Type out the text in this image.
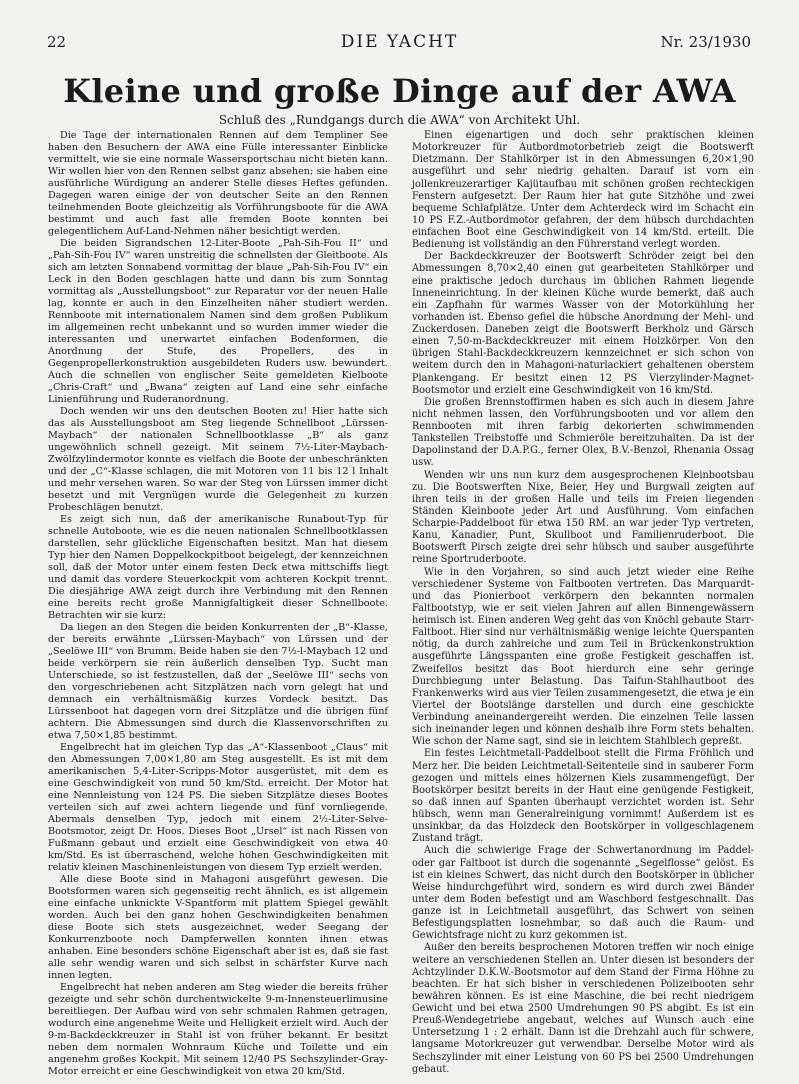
22	DIE YACHT	Nr. 23/1930
Kleine und große Dinge auf der AWA
Schluß des „Rundgangs durch die AWA“ von Architekt Uhl.

Die Tage der internationalen Rennen auf dem Templiner See haben den Besuchern der AWA eine Fülle interessanter Einblicke vermittelt, wie sie eine normale Wassersportschau nicht bieten kann. Wir wollen hier von den Rennen selbst ganz absehen; sie haben eine ausführliche Würdigung an anderer Stelle dieses Heftes gefunden. Dagegen waren einige der von deutscher Seite an den Rennen teilnehmenden Boote gleichzeitig als Vorführungsboote für die AWA bestimmt und auch fast alle fremden Boote konnten bei gelegentlichem Auf-Land-Nehmen näher besichtigt werden.

Die beiden Sigrandschen 12-Liter-Boote „Pah-Sih-Fou II“ und „Pah-Sih-Fou IV“ waren unstreitig die schnellsten der Gleitboote. Als sich am letzten Sonnabend vormittag der blaue „Pah-Sih-Fou IV“ ein Leck in den Boden geschlagen hatte und dann bis zum Sonntag vormittag als „Ausstellungsboot“ zur Reparatur vor der neuen Halle lag, konnte er auch in den Einzelheiten näher studiert werden. Rennboote mit internationalem Namen sind dem großen Publikum im allgemeinen recht unbekannt und so wurden immer wieder die interessanten und unerwartet einfachen Bodenformen, die Anordnung der Stufe, des Propellers, des in Gegenpropellerkonstruktion ausgebildeten Ruders usw. bewundert. Auch die schnellen von englischer Seite gemeldeten Kielboote „Chris-Craft“ und „Bwana“ zeigten auf Land eine sehr einfache Linienführung und Ruderanordnung.

Doch wenden wir uns den deutschen Booten zu! Hier hatte sich das als Ausstellungsboot am Steg liegende Schnellboot „Lürssen-Maybach“ der nationalen Schnellbootklasse „B“ als ganz ungewöhnlich schnell gezeigt. Mit seinem 7½-Liter-Maybach-Zwölfzylindermotor konnte es vielfach die Boote der unbeschränkten und der „C“-Klasse schlagen, die mit Motoren von 11 bis 12 l Inhalt und mehr versehen waren. So war der Steg von Lürssen immer dicht besetzt und mit Vergnügen wurde die Gelegenheit zu kurzen Probeschlägen benutzt.

Es zeigt sich nun, daß der amerikanische Runabout-Typ für schnelle Autoboote, wie es die neuen nationalen Schnellbootklassen darstellen, sehr glückliche Eigenschaften besitzt. Man hat diesem Typ hier den Namen Doppelkockpitboot beigelegt, der kennzeichnen soll, daß der Motor unter einem festen Deck etwa mittschiffs liegt und damit das vordere Steuerkockpit vom achteren Kockpit trennt. Die diesjährige AWA zeigt durch ihre Verbindung mit den Rennen eine bereits recht große Mannigfaltigkeit dieser Schnellboote. Betrachten wir sie kurz:

Da liegen an den Stegen die beiden Konkurrenten der „B“-Klasse, der bereits erwähnte „Lürssen-Maybach“ von Lürssen und der „Seelöwe III“ von Brumm. Beide haben sie den 7½-l-Maybach 12 und beide verkörpern sie rein äußerlich denselben Typ. Sucht man Unterschiede, so ist festzustellen, daß der „Seelöwe III“ sechs von den vorgeschriebenen acht Sitzplätzen nach vorn gelegt hat und demnach ein verhältnismäßig kurzes Vordeck besitzt. Das Lürssenboot hat dagegen vorn drei Sitzplätze und die übrigen fünf achtern. Die Abmessungen sind durch die Klassenvorschriften zu etwa 7,50×1,85 bestimmt.

Engelbrecht hat im gleichen Typ das „A“-Klassenboot „Claus“ mit den Abmessungen 7,00×1,80 am Steg ausgestellt. Es ist mit dem amerikanischen 5,4-Liter-Scripps-Motor ausgerüstet, mit dem es eine Geschwindigkeit von rund 50 km/Std. erreicht. Der Motor hat eine Nennleistung von 124 PS. Die sieben Sitzplätze dieses Bootes verteilen sich auf zwei achtern liegende und fünf vornliegende. Abermals denselben Typ, jedoch mit einem 2½-Liter-Selve-Bootsmotor, zeigt Dr. Hoos. Dieses Boot „Ursel“ ist nach Rissen von Fußmann gebaut und erzielt eine Geschwindigkeit von etwa 40 km/Std. Es ist überraschend, welche hohen Geschwindigkeiten mit relativ kleinen Maschinenleistungen von diesem Typ erzielt werden.

Alle diese Boote sind in Mahagoni ausgeführt gewesen. Die Bootsformen waren sich gegenseitig recht ähnlich, es ist allgemein eine einfache unknickte V-Spantform mit plattem Spiegel gewählt worden. Auch bei den ganz hohen Geschwindigkeiten benahmen diese Boote sich stets ausgezeichnet, weder Seegang der Konkurrenzboote noch Dampferwellen konnten ihnen etwas anhaben. Eine besonders schöne Eigenschaft aber ist es, daß sie fast alle sehr wendig waren und sich selbst in schärfster Kurve nach innen legten.

Engelbrecht hat neben anderen am Steg wieder die bereits früher gezeigte und sehr schön durchentwickelte 9-m-Innensteuerlimusine bereitliegen. Der Aufbau wird von sehr schmalen Rahmen getragen, wodurch eine angenehme Weite und Helligkeit erzielt wird. Auch der 9-m-Backdeckkreuzer in Stahl ist von früher bekannt. Er besitzt neben dem normalen Wohnraum Küche und Toilette und ein angenehm großes Kockpit. Mit seinem 12/40 PS Sechszylinder-Gray-Motor erreicht er eine Geschwindigkeit von etwa 20 km/Std.

Einen eigenartigen und doch sehr praktischen kleinen Motorkreuzer für Autbordmotorbetrieb zeigt die Bootswerft Dietzmann. Der Stahlkörper ist in den Abmessungen 6,20×1,90 ausgeführt und sehr niedrig gehalten. Darauf ist vorn ein jollenkreuzerartiger Kajütaufbau mit schönen großen rechteckigen Fenstern aufgesetzt. Der Raum hier hat gute Sitzhöhe und zwei bequeme Schlafplätze. Unter dem Achterdeck wird im Schacht ein 10 PS F.Z.-Autbordmotor gefahren, der dem hübsch durchdachten einfachen Boot eine Geschwindigkeit von 14 km/Std. erteilt. Die Bedienung ist vollständig an den Führerstand verlegt worden.

Der Backdeckkreuzer der Bootswerft Schröder zeigt bei den Abmessungen 8,70×2,40 einen gut gearbeiteten Stahlkörper und eine praktische jedoch durchaus im üblichen Rahmen liegende Inneneinrichtung. In der kleinen Küche wurde bemerkt, daß auch ein Zapfhahn für warmes Wasser von der Motorkühlung her vorhanden ist. Ebenso gefiel die hübsche Anordnung der Mehl- und Zuckerdosen. Daneben zeigt die Bootswerft Berkholz und Gärsch einen 7,50-m-Backdeckkreuzer mit einem Holzkörper. Von den übrigen Stahl-Backdeckkreuzern kennzeichnet er sich schon von weitem durch den in Mahagoni-naturlackiert gehaltenen oberstem Plankengang. Er besitzt einen 12 PS Vierzylinder-Magnet-Bootsmotor und erzielt eine Geschwindigkeit von 16 km/Std.

Die großen Brennstoffirmen haben es sich auch in diesem Jahre nicht nehmen lassen, den Vorführungsbooten und vor allem den Rennbooten mit ihren farbig dekorierten schwimmenden Tankstellen Treibstoffe und Schmieröle bereitzuhalten. Da ist der Dapolinstand der D.A.P.G., ferner Olex, B.V.-Benzol, Rhenania Ossag usw.

Wenden wir uns nun kurz dem ausgesprochenen Kleinbootsbau zu. Die Bootswerften Nixe, Beier, Hey und Burgwall zeigten auf ihren teils in der großen Halle und teils im Freien liegenden Ständen Kleinboote jeder Art und Ausführung. Vom einfachen Scharpie-Paddelboot für etwa 150 RM. an war jeder Typ vertreten, Kanu, Kanadier, Punt, Skullboot und Familienruderboot. Die Bootswerft Pirsch zeigte drei sehr hübsch und sauber ausgeführte reine Sportruderboote.

Wie in den Vorjahren, so sind auch jetzt wieder eine Reihe verschiedener Systeme von Faltbooten vertreten. Das Marquardt- und das Pionierboot verkörpern den bekannten normalen Faltbootstyp, wie er seit vielen Jahren auf allen Binnengewässern heimisch ist. Einen anderen Weg geht das von Knöchl gebaute Starr-Faltboot. Hier sind nur verhältnismäßig wenige leichte Querspanten nötig, da durch zahlreiche und zum Teil in Brückenkonstruktion ausgeführte Längsspanten eine große Festigkeit geschaffen ist. Zweifellos besitzt das Boot hierdurch eine sehr geringe Durchbiegung unter Belastung. Das Taifun-Stahlhautboot des Frankenwerks wird aus vier Teilen zusammengesetzt, die etwa je ein Viertel der Bootslänge darstellen und durch eine geschickte Verbindung aneinandergereiht werden. Die einzelnen Teile lassen sich ineinander legen und können deshalb ihre Form stets behalten. Wie schon der Name sagt, sind sie in leichtem Stahlblech gepreßt.

Ein festes Leichtmetall-Paddelboot stellt die Firma Fröhlich und Merz her. Die beiden Leichtmetall-Seitenteile sind in sauberer Form gezogen und mittels eines hölzernen Kiels zusammengefügt. Der Bootskörper besitzt bereits in der Haut eine genügende Festigkeit, so daß innen auf Spanten überhaupt verzichtet worden ist. Sehr hübsch, wenn man Generalreinigung vornimmt! Außerdem ist es unsinkbar, da das Holzdeck den Bootskörper in vollgeschlagenem Zustand trägt.

Auch die schwierige Frage der Schwertanordnung im Paddel- oder gar Faltboot ist durch die sogenannte „Segelflosse“ gelöst. Es ist ein kleines Schwert, das nicht durch den Bootskörper in üblicher Weise hindurchgeführt wird, sondern es wird durch zwei Bänder unter dem Boden befestigt und am Waschbord festgeschnallt. Das ganze ist in Leichtmetall ausgeführt, das Schwert von seinen Befestigungsplatten losnehmbar, so daß auch die Raum- und Gewichtsfrage nicht zu kurz gekommen ist.

Außer den bereits besprochenen Motoren treffen wir noch einige weitere an verschiedenen Stellen an. Unter diesen ist besonders der Achtzylinder D.K.W.-Bootsmotor auf dem Stand der Firma Höhne zu beachten. Er hat sich bisher in verschiedenen Polizeibooten sehr bewähren können. Es ist eine Maschine, die bei recht niedrigem Gewicht und bei etwa 2500 Umdrehungen 90 PS abgibt. Es ist ein Preuß-Wendegetriebe angebaut, welches auf Wunsch auch eine Untersetzung 1 : 2 erhält. Dann ist die Drehzahl auch für schwere, langsame Motorkreuzer gut verwendbar. Derselbe Motor wird als Sechszylinder mit einer Leistung von 60 PS bei 2500 Umdrehungen gebaut.
